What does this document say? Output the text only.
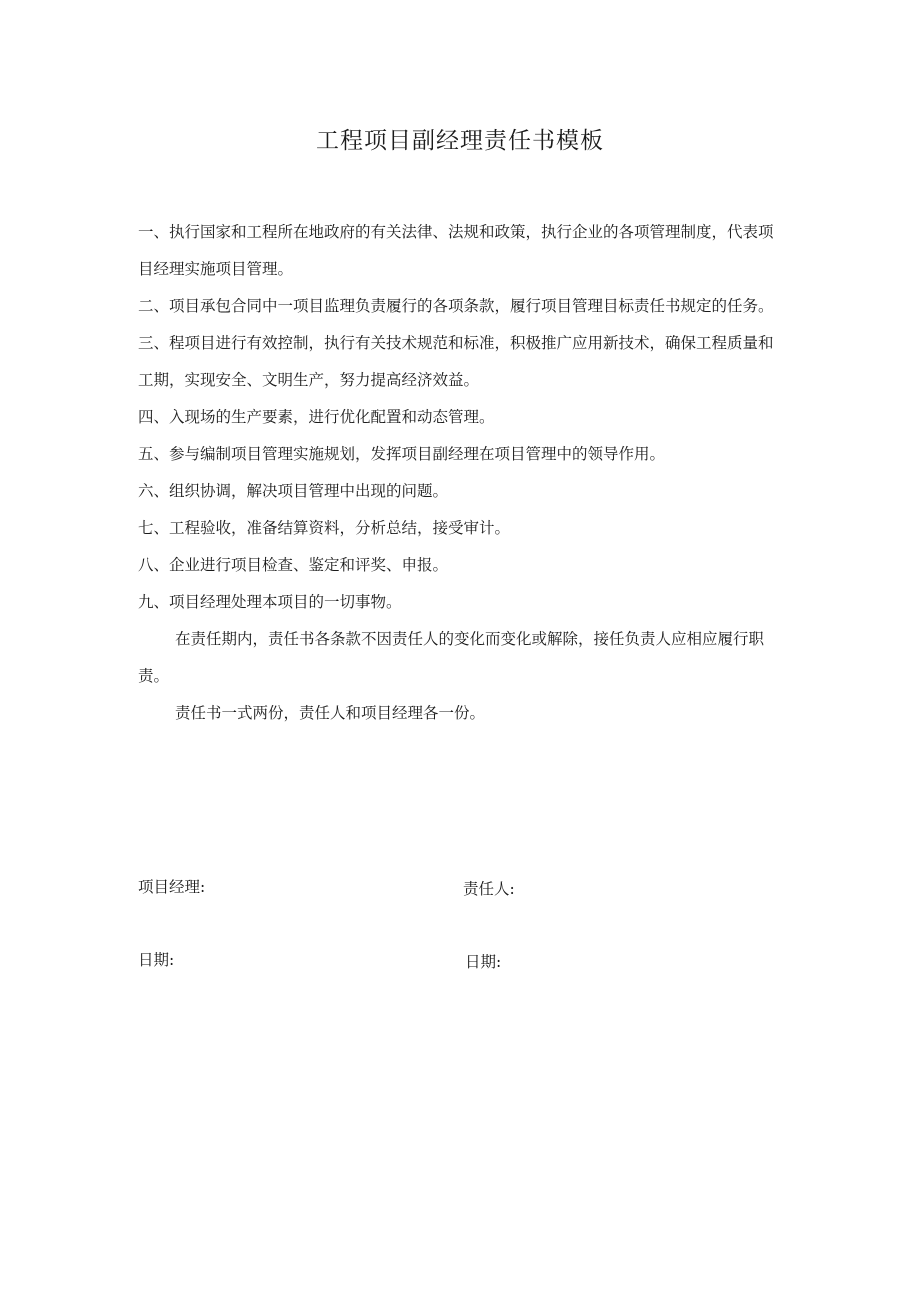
工程项目副经理责任书模板

一、执行国家和工程所在地政府的有关法律、法规和政策，执行企业的各项管理制度，代表项目经理实施项目管理。

二、项目承包合同中一项目监理负责履行的各项条款，履行项目管理目标责任书规定的任务。

三、程项目进行有效控制，执行有关技术规范和标准，积极推广应用新技术，确保工程质量和工期，实现安全、文明生产，努力提高经济效益。

四、入现场的生产要素，进行优化配置和动态管理。

五、参与编制项目管理实施规划，发挥项目副经理在项目管理中的领导作用。

六、组织协调，解决项目管理中出现的问题。

七、工程验收，准备结算资料，分析总结，接受审计。

八、企业进行项目检查、鉴定和评奖、申报。

九、项目经理处理本项目的一切事物。

在责任期内，责任书各条款不因责任人的变化而变化或解除，接任负责人应相应履行职责。

责任书一式两份，责任人和项目经理各一份。

项目经理:	责任人:
日期:	日期:
